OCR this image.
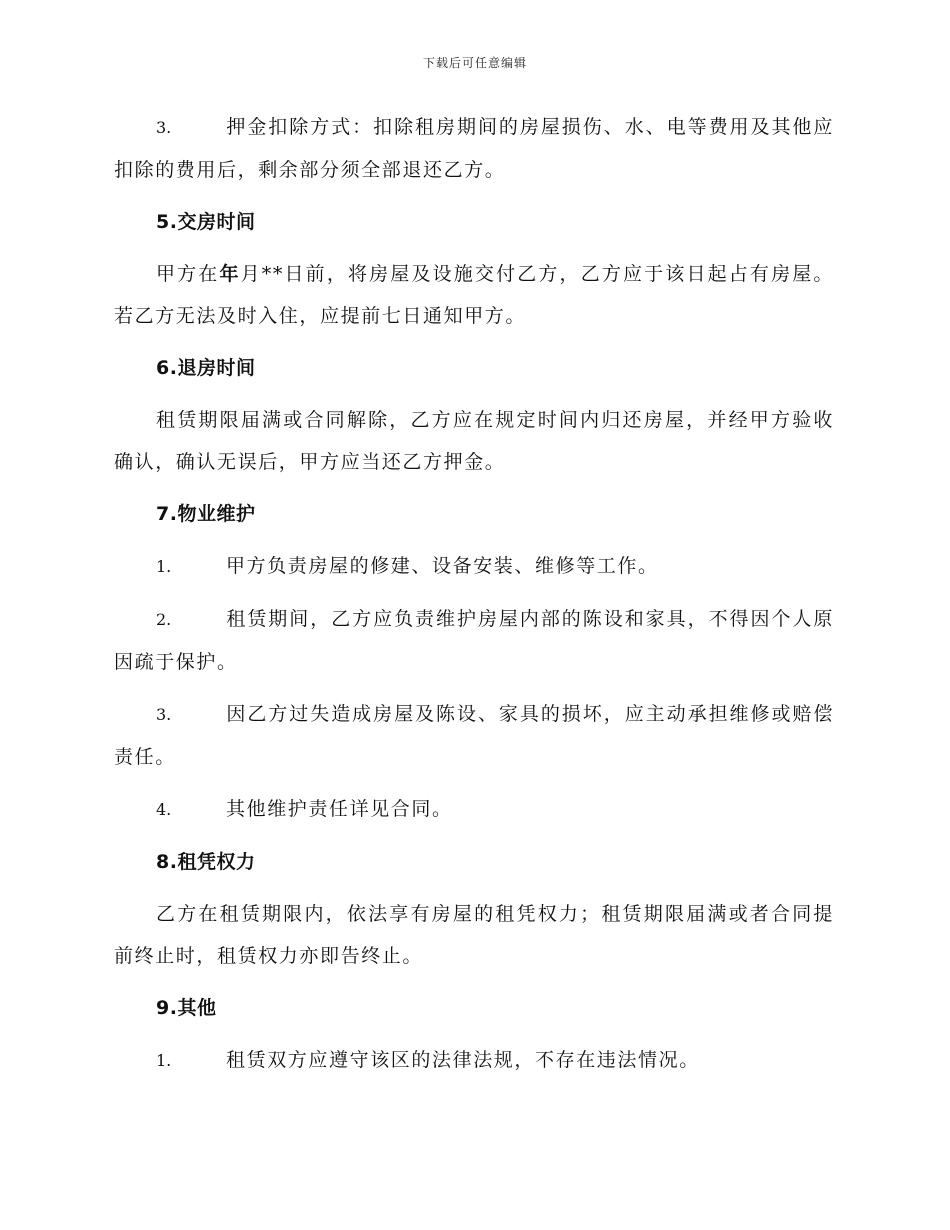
下载后可任意编辑

3.	押金扣除方式：扣除租房期间的房屋损伤、水、电等费用及其他应扣除的费用后，剩余部分须全部退还乙方。

5.交房时间

甲方在年月**日前，将房屋及设施交付乙方，乙方应于该日起占有房屋。若乙方无法及时入住，应提前七日通知甲方。

6.退房时间

租赁期限届满或合同解除，乙方应在规定时间内归还房屋，并经甲方验收确认，确认无误后，甲方应当还乙方押金。

7.物业维护

1.	甲方负责房屋的修建、设备安装、维修等工作。

2.	租赁期间，乙方应负责维护房屋内部的陈设和家具，不得因个人原因疏于保护。

3.	因乙方过失造成房屋及陈设、家具的损坏，应主动承担维修或赔偿责任。

4.	其他维护责任详见合同。

8.租凭权力

乙方在租赁期限内，依法享有房屋的租凭权力；租赁期限届满或者合同提前终止时，租赁权力亦即告终止。

9.其他

1.	租赁双方应遵守该区的法律法规，不存在违法情况。
